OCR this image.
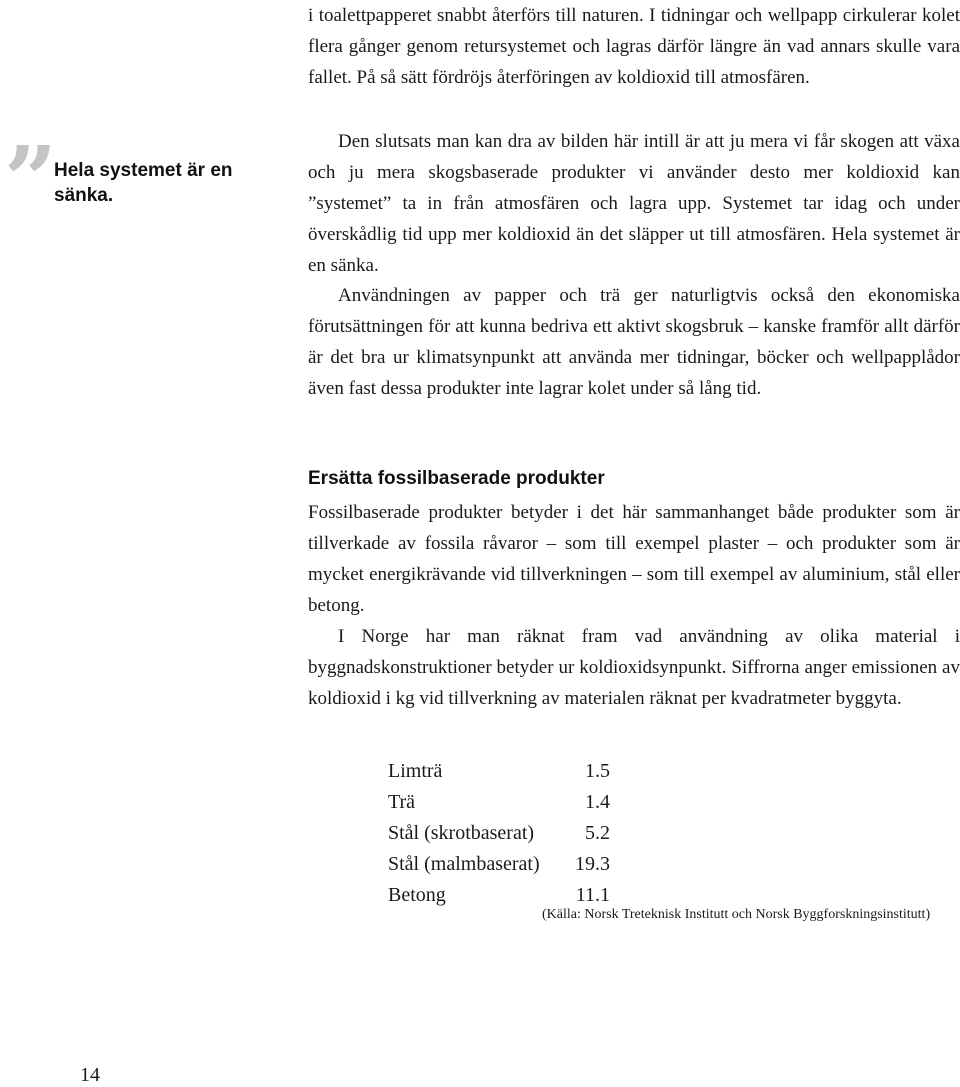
”
Hela systemet är en sänka.

i toalettpapperet snabbt återförs till naturen. I tidningar och wellpapp cirkulerar kolet flera gånger genom retursystemet och lagras därför längre än vad annars skulle vara fallet. På så sätt fördröjs återföringen av koldioxid till atmosfären.

Den slutsats man kan dra av bilden här intill är att ju mera vi får skogen att växa och ju mera skogsbaserade produkter vi använder desto mer koldioxid kan ”systemet” ta in från atmosfären och lagra upp. Systemet tar idag och under överskådlig tid upp mer koldioxid än det släpper ut till atmosfären. Hela systemet är en sänka.

Användningen av papper och trä ger naturligtvis också den ekonomiska förutsättningen för att kunna bedriva ett aktivt skogsbruk – kanske framför allt därför är det bra ur klimatsynpunkt att använda mer tidningar, böcker och wellpapplådor även fast dessa produkter inte lagrar kolet under så lång tid.

Ersätta fossilbaserade produkter

Fossilbaserade produkter betyder i det här sammanhanget både produkter som är tillverkade av fossila råvaror – som till exempel plaster – och produkter som är mycket energikrävande vid tillverkningen – som till exempel av aluminium, stål eller betong.

I Norge har man räknat fram vad användning av olika material i byggnadskonstruktioner betyder ur koldioxidsynpunkt. Siffrorna anger emissionen av koldioxid i kg vid tillverkning av materialen räknat per kvadratmeter byggyta.

Limträ	1.5
Trä	1.4
Stål (skrotbaserat)	5.2
Stål (malmbaserat)	19.3
Betong	11.1
(Källa: Norsk Treteknisk Institutt och Norsk Byggforskningsinstitutt)
14
